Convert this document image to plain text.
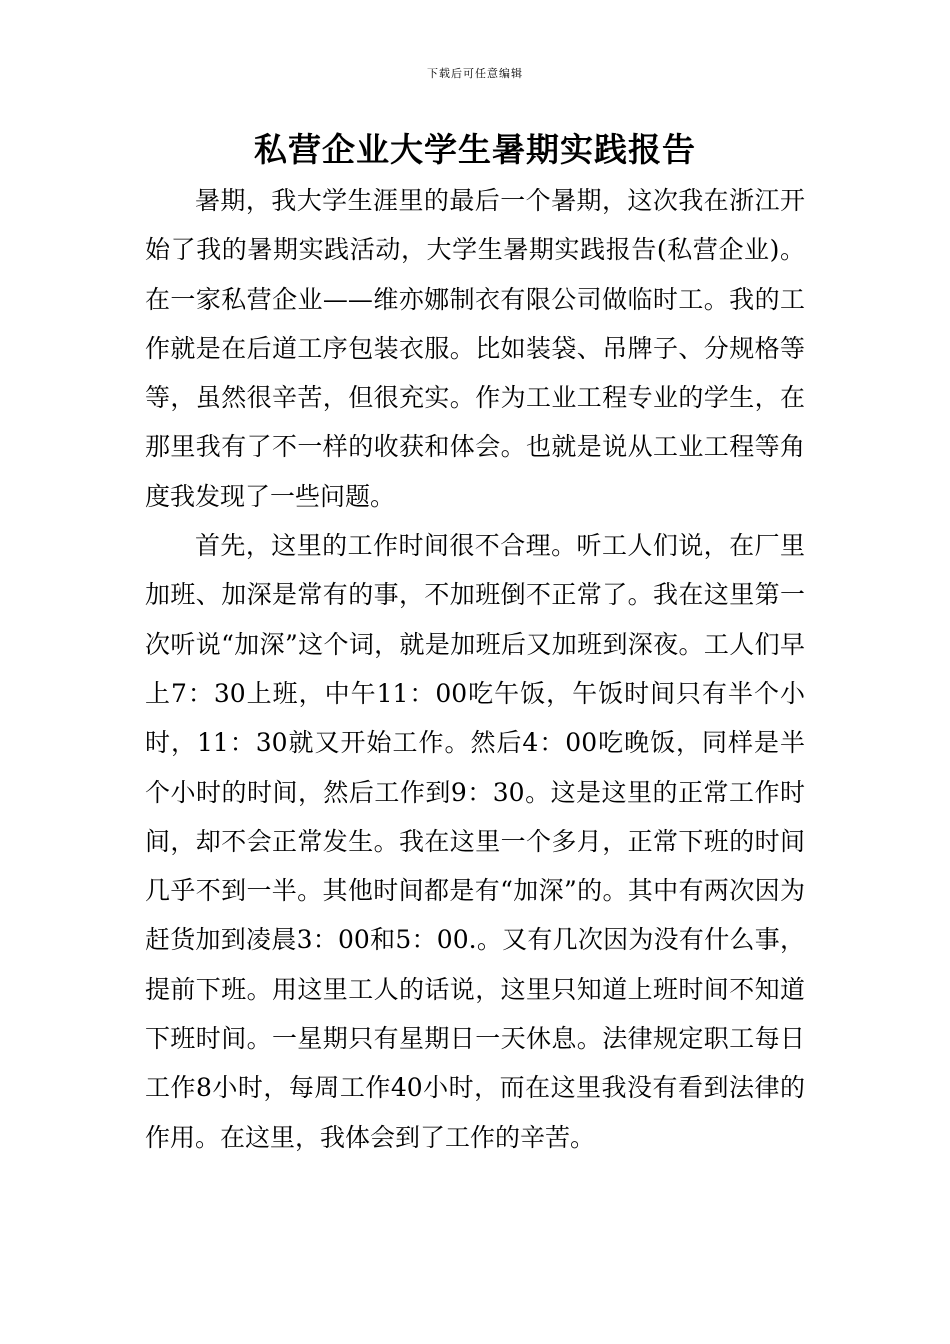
下载后可任意编辑
私营企业大学生暑期实践报告

暑期，我大学生涯里的最后一个暑期，这次我在浙江开始了我的暑期实践活动，大学生暑期实践报告(私营企业)。在一家私营企业——维亦娜制衣有限公司做临时工。我的工作就是在后道工序包装衣服。比如装袋、吊牌子、分规格等等，虽然很辛苦，但很充实。作为工业工程专业的学生，在那里我有了不一样的收获和体会。也就是说从工业工程等角度我发现了一些问题。

首先，这里的工作时间很不合理。听工人们说，在厂里加班、加深是常有的事，不加班倒不正常了。我在这里第一次听说“加深”这个词，就是加班后又加班到深夜。工人们早上7：30上班，中午11：00吃午饭，午饭时间只有半个小时，11：30就又开始工作。然后4：00吃晚饭，同样是半个小时的时间，然后工作到9：30。这是这里的正常工作时间，却不会正常发生。我在这里一个多月，正常下班的时间几乎不到一半。其他时间都是有“加深”的。其中有两次因为赶货加到凌晨3：00和5：00.。又有几次因为没有什么事，提前下班。用这里工人的话说，这里只知道上班时间不知道下班时间。一星期只有星期日一天休息。法律规定职工每日工作8小时，每周工作40小时，而在这里我没有看到法律的作用。在这里，我体会到了工作的辛苦。
